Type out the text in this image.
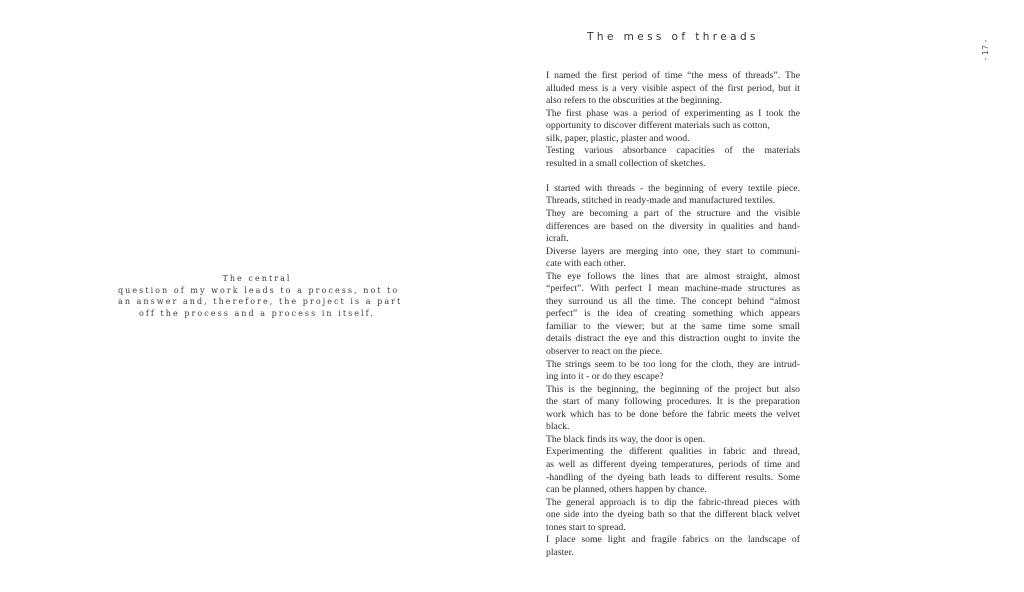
The central
question of my work leads to a process, not to
an answer and, therefore, the project is a part
off the process and a process in itself.
The mess of threads
- 17 -
I named the first period of time “the mess of threads”. The
alluded mess is a very visible aspect of the first period, but it
also refers to the obscurities at the beginning.
The first phase was a period of experimenting as I took the
opportunity to discover different materials such as cotton,
silk, paper, plastic, plaster and wood.
Testing various absorbance capacities of the materials
resulted in a small collection of sketches.
I started with threads - the beginning of every textile piece.
Threads, stitched in ready-made and manufactured textiles.
They are becoming a part of the structure and the visible
differences are based on the diversity in qualities and hand-
icraft.
Diverse layers are merging into one, they start to communi-
cate with each other.
The eye follows the lines that are almost straight, almost
“perfect”. With perfect I mean machine-made structures as
they surround us all the time. The concept behind “almost
perfect” is the idea of creating something which appears
familiar to the viewer; but at the same time some small
details distract the eye and this distraction ought to invite the
observer to react on the piece.
The strings seem to be too long for the cloth, they are intrud-
ing into it - or do they escape?
This is the beginning, the beginning of the project but also
the start of many following procedures. It is the preparation
work which has to be done before the fabric meets the velvet
black.
The black finds its way, the door is open.
Experimenting the different qualities in fabric and thread,
as well as different dyeing temperatures, periods of time and
-handling of the dyeing bath leads to different results. Some
can be planned, others happen by chance.
The general approach is to dip the fabric-thread pieces with
one side into the dyeing bath so that the different black velvet
tones start to spread.
I place some light and fragile fabrics on the landscape of
plaster.
